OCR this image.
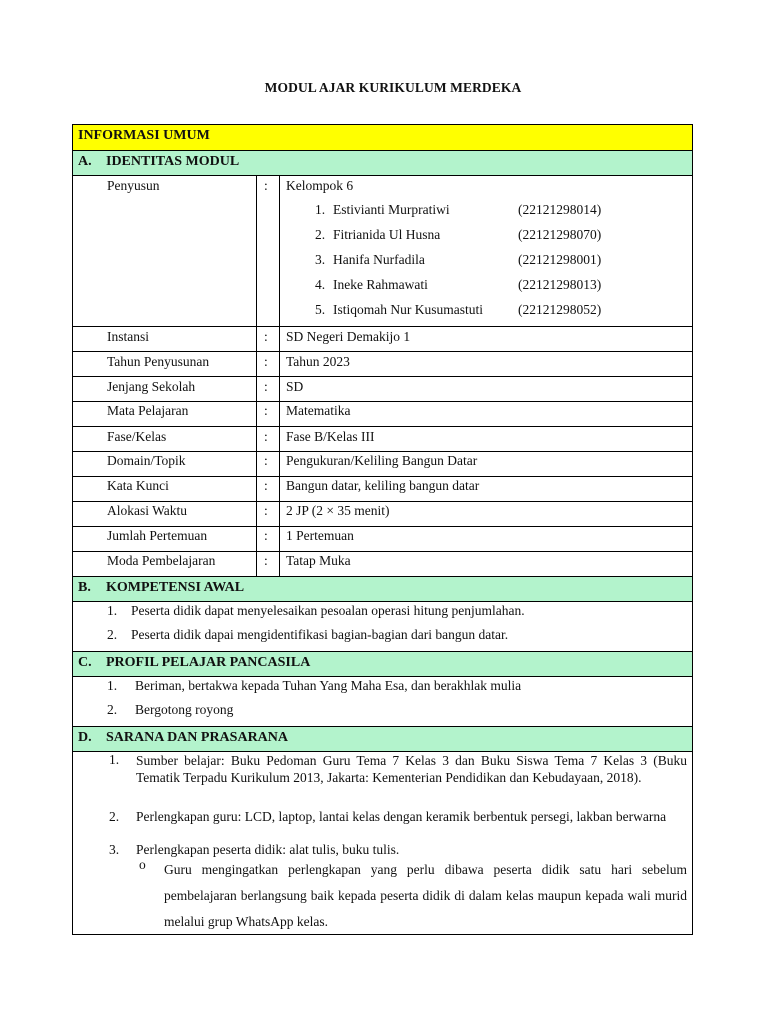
MODUL AJAR KURIKULUM MERDEKA
INFORMASI UMUM
A. IDENTITAS MODUL
Penyusun	: Kelompok 6
1. Estivianti Murpratiwi	(22121298014)
2. Fitrianida Ul Husna	(22121298070)
3. Hanifa Nurfadila	(22121298001)
4. Ineke Rahmawati	(22121298013)
5. Istiqomah Nur Kusumastuti	(22121298052)
Instansi	: SD Negeri Demakijo 1
Tahun Penyusunan	: Tahun 2023
Jenjang Sekolah	: SD
Mata Pelajaran	: Matematika
Fase/Kelas	: Fase B/Kelas III
Domain/Topik	: Pengukuran/Keliling Bangun Datar
Kata Kunci	: Bangun datar, keliling bangun datar
Alokasi Waktu	: 2 JP (2 × 35 menit)
Jumlah Pertemuan	: 1 Pertemuan
Moda Pembelajaran	: Tatap Muka
B. KOMPETENSI AWAL
1. Peserta didik dapat menyelesaikan pesoalan operasi hitung penjumlahan.
2. Peserta didik dapai mengidentifikasi bagian-bagian dari bangun datar.
C. PROFIL PELAJAR PANCASILA
1. Beriman, bertakwa kepada Tuhan Yang Maha Esa, dan berakhlak mulia
2. Bergotong royong
D. SARANA DAN PRASARANA
1. Sumber belajar: Buku Pedoman Guru Tema 7 Kelas 3 dan Buku Siswa Tema 7 Kelas 3 (Buku Tematik Terpadu Kurikulum 2013, Jakarta: Kementerian Pendidikan dan Kebudayaan, 2018).
2. Perlengkapan guru: LCD, laptop, lantai kelas dengan keramik berbentuk persegi, lakban berwarna
3. Perlengkapan peserta didik: alat tulis, buku tulis.
o Guru mengingatkan perlengkapan yang perlu dibawa peserta didik satu hari sebelum pembelajaran berlangsung baik kepada peserta didik di dalam kelas maupun kepada wali murid melalui grup WhatsApp kelas.
